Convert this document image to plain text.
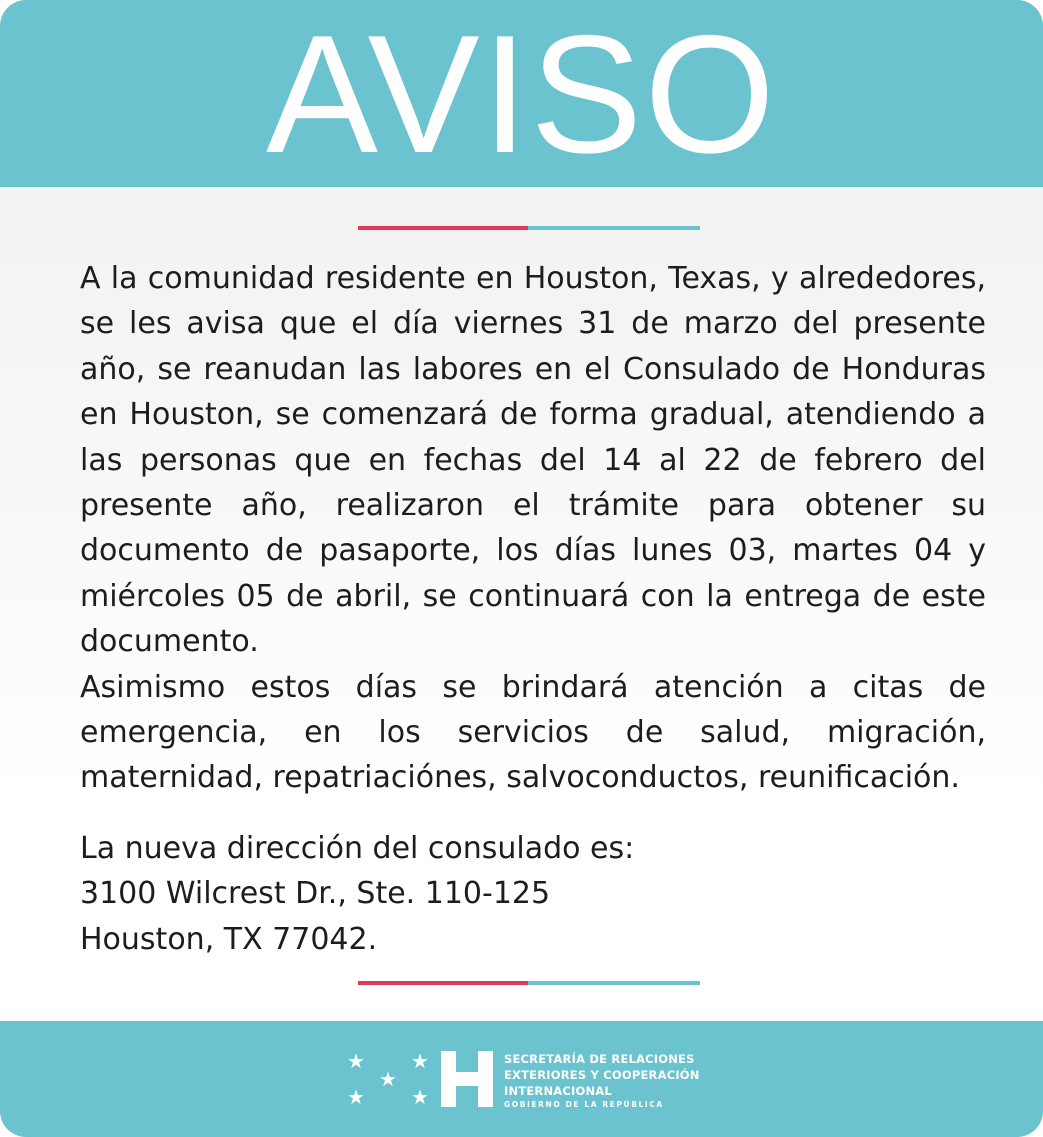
AVISO

A la comunidad residente en Houston, Texas, y alrededores, se les avisa que el día viernes 31 de marzo del presente año, se reanudan las labores en el Consulado de Honduras en Houston, se comenzará de forma gradual, atendiendo a las personas que en fechas del 14 al 22 de febrero del presente año, realizaron el trámite para obtener su documento de pasaporte, los días lunes 03, martes 04 y miércoles 05 de abril, se continuará con la entrega de este documento.

Asimismo estos días se brindará atención a citas de emergencia, en los servicios de salud, migración, maternidad, repatriaciónes, salvoconductos, reunificación.

La nueva dirección del consulado es:
3100 Wilcrest Dr., Ste. 110-125
Houston, TX 77042.
★ ★
★
★ ★
SECRETARÍA DE RELACIONES
EXTERIORES Y COOPERACIÓN
INTERNACIONAL
GOBIERNO DE LA REPÚBLICA
